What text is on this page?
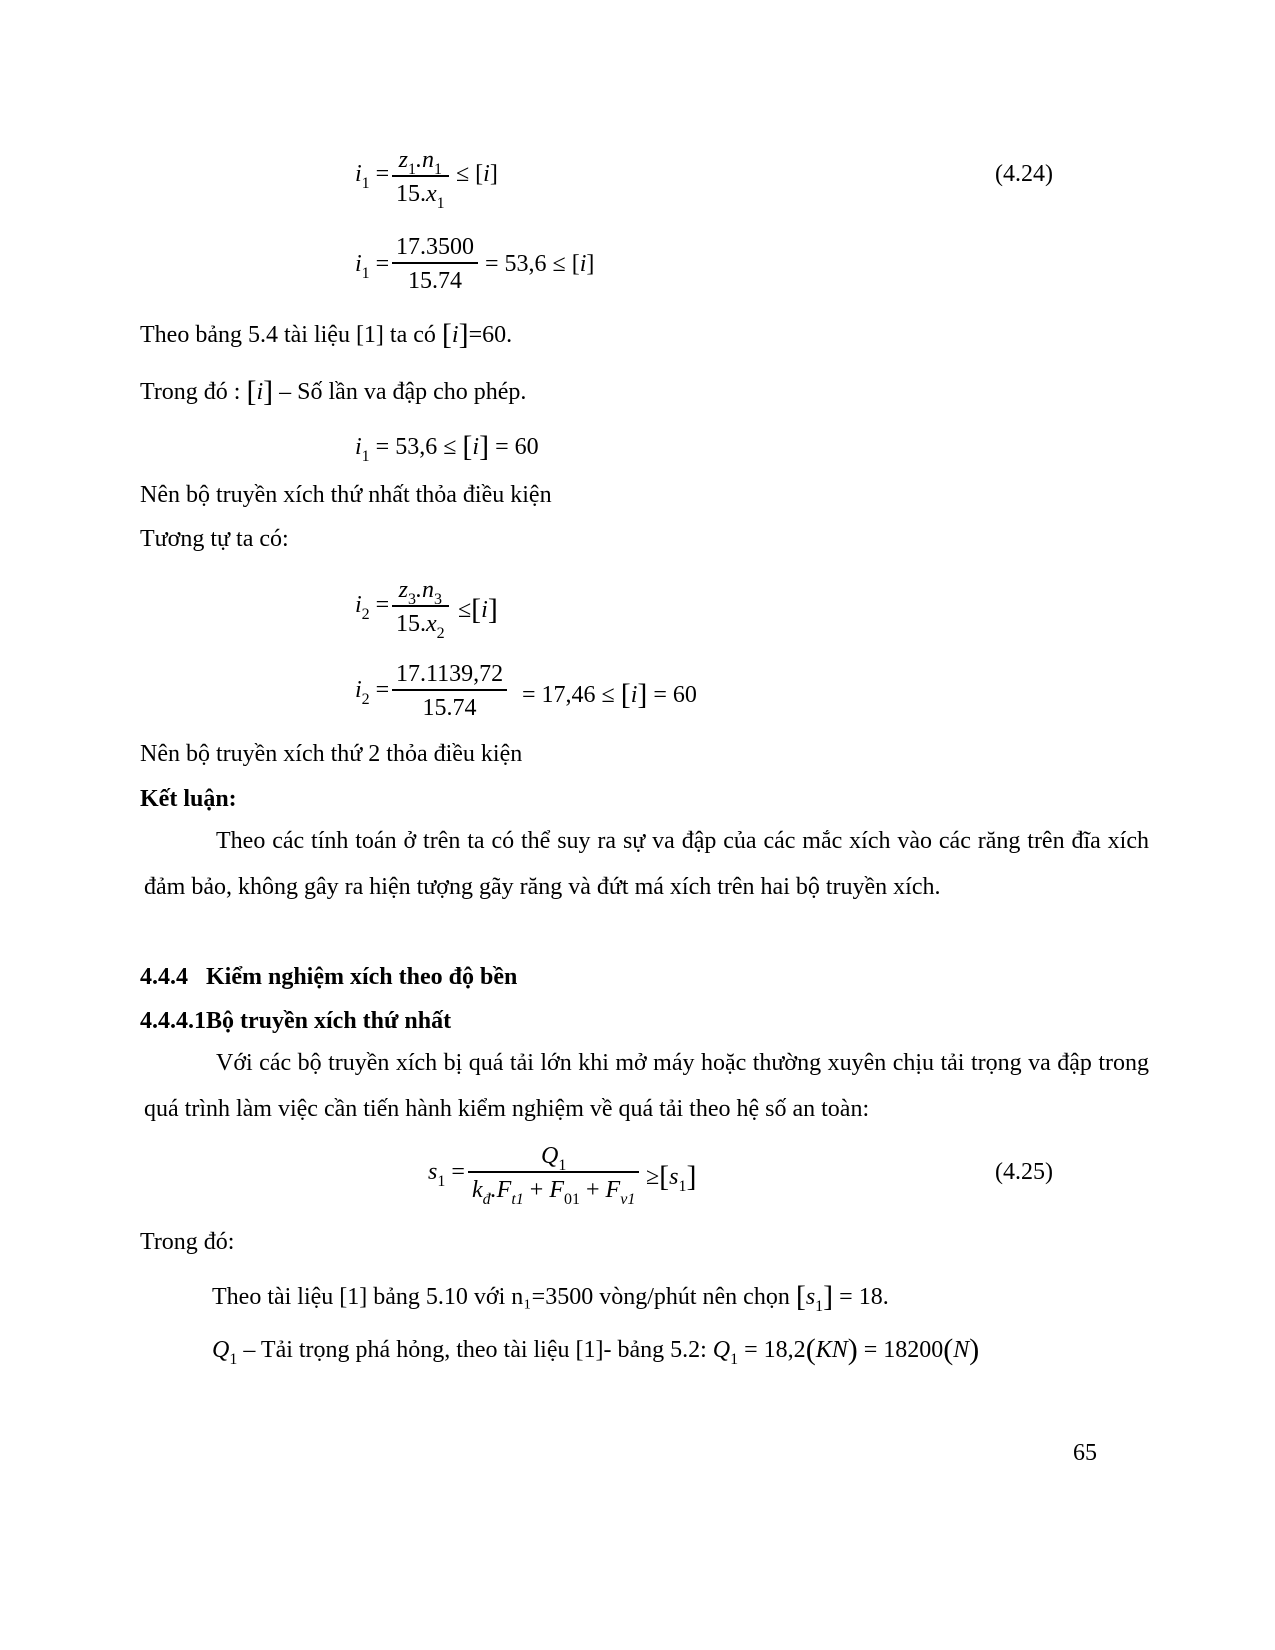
$i_1$ =
$z_1.n_1$
$15.x_1$
≤ [i]	(4.24)
$i_1$ =
17.3500
15.74
= 53,6 ≤ [i]
Theo bảng 5.4 tài liệu [1] ta có [i]=60.
Trong đó : [i] – Số lần va đập cho phép.
$i_1 = 53,6 \le [i] = 60$
Nên bộ truyền xích thứ nhất thỏa điều kiện
Tương tự ta có:
$i_2$ =
$z_3.n_3$
$15.x_2$
≤[i]
$i_2$ =
17.1139,72
15.74 = 17,46 ≤ [i] = 60
Nên bộ truyền xích thứ 2 thỏa điều kiện
Kết luận:
Theo các tính toán ở trên ta có thể suy ra sự va đập của các mắc xích vào các răng trên đĩa xích đảm bảo, không gây ra hiện tượng gãy răng và đứt má xích trên hai bộ truyền xích.
4.4.4 Kiểm nghiệm xích theo độ bền
4.4.4.1Bộ truyền xích thứ nhất
Với các bộ truyền xích bị quá tải lớn khi mở máy hoặc thường xuyên chịu tải trọng va đập trong quá trình làm việc cần tiến hành kiểm nghiệm về quá tải theo hệ số an toàn:
$s_1$ =
$Q_1$
$k_đ.F_{t1} + F_{01} + F_{v1}$
$\ge[s_1]$	(4.25)
Trong đó:
Theo tài liệu [1] bảng 5.10 với n₁=3500 vòng/phút nên chọn $[s_1] = 18$.
$Q_1$ – Tải trọng phá hỏng, theo tài liệu [1]- bảng 5.2: $Q_1 = 18,2(KN) = 18200(N)$
65
